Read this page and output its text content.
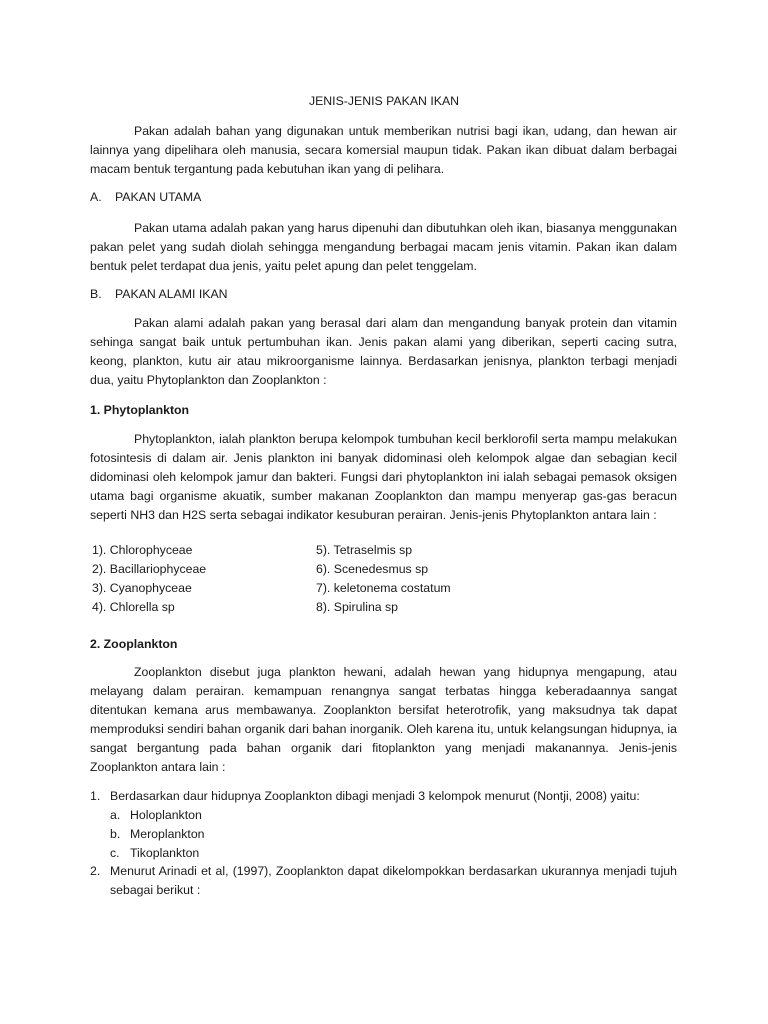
JENIS-JENIS PAKAN IKAN

Pakan adalah bahan yang digunakan untuk memberikan nutrisi bagi ikan, udang, dan hewan air lainnya yang dipelihara oleh manusia, secara komersial maupun tidak. Pakan ikan dibuat dalam berbagai macam bentuk tergantung pada kebutuhan ikan yang di pelihara.

A. PAKAN UTAMA

Pakan utama adalah pakan yang harus dipenuhi dan dibutuhkan oleh ikan, biasanya menggunakan pakan pelet yang sudah diolah sehingga mengandung berbagai macam jenis vitamin. Pakan ikan dalam bentuk pelet terdapat dua jenis, yaitu pelet apung dan pelet tenggelam.

B. PAKAN ALAMI IKAN

Pakan alami adalah pakan yang berasal dari alam dan mengandung banyak protein dan vitamin sehinga sangat baik untuk pertumbuhan ikan. Jenis pakan alami yang diberikan, seperti cacing sutra, keong, plankton, kutu air atau mikroorganisme lainnya. Berdasarkan jenisnya, plankton terbagi menjadi dua, yaitu Phytoplankton dan Zooplankton :

1. Phytoplankton

Phytoplankton, ialah plankton berupa kelompok tumbuhan kecil berklorofil serta mampu melakukan fotosintesis di dalam air. Jenis plankton ini banyak didominasi oleh kelompok algae dan sebagian kecil didominasi oleh kelompok jamur dan bakteri. Fungsi dari phytoplankton ini ialah sebagai pemasok oksigen utama bagi organisme akuatik, sumber makanan Zooplankton dan mampu menyerap gas-gas beracun seperti NH3 dan H2S serta sebagai indikator kesuburan perairan. Jenis-jenis Phytoplankton antara lain :

1). Chlorophyceae
2). Bacillariophyceae
3). Cyanophyceae
4). Chlorella sp
5). Tetraselmis sp
6). Scenedesmus sp
7). keletonema costatum
8). Spirulina sp
2. Zooplankton

Zooplankton disebut juga plankton hewani, adalah hewan yang hidupnya mengapung, atau melayang dalam perairan. kemampuan renangnya sangat terbatas hingga keberadaannya sangat ditentukan kemana arus membawanya. Zooplankton bersifat heterotrofik, yang maksudnya tak dapat memproduksi sendiri bahan organik dari bahan inorganik. Oleh karena itu, untuk kelangsungan hidupnya, ia sangat bergantung pada bahan organik dari fitoplankton yang menjadi makanannya. Jenis-jenis Zooplankton antara lain :

1. Berdasarkan daur hidupnya Zooplankton dibagi menjadi 3 kelompok menurut (Nontji, 2008) yaitu:
a. Holoplankton
b. Meroplankton
c. Tikoplankton
2. Menurut Arinadi et al, (1997), Zooplankton dapat dikelompokkan berdasarkan ukurannya menjadi tujuh sebagai berikut :
